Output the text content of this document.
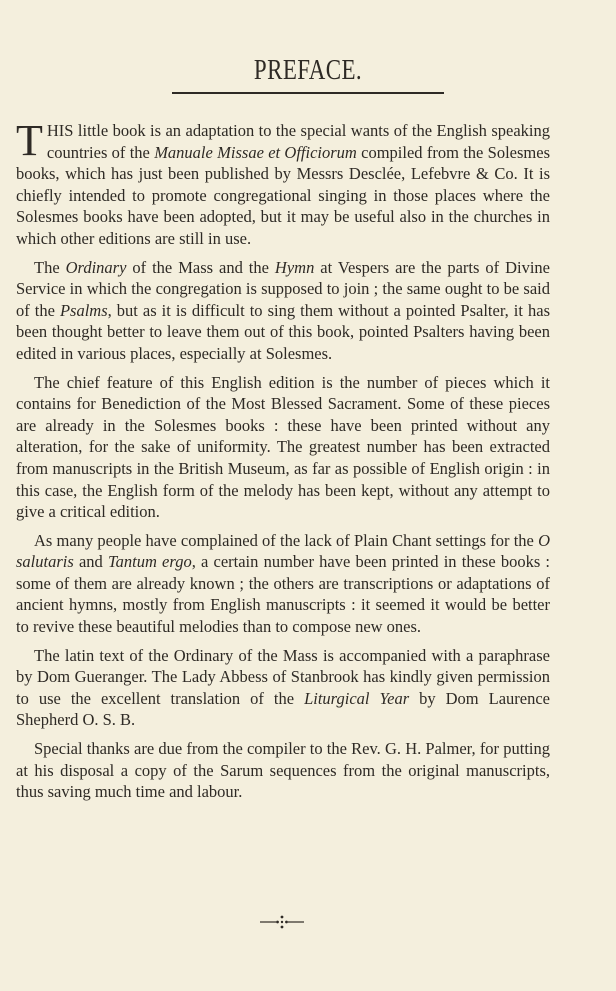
PREFACE.

THIS little book is an adaptation to the special wants of the English speaking countries of the Manuale Missae et Officiorum compiled from the Solesmes books, which has just been published by Messrs Desclée, Lefebvre & Co. It is chiefly intended to promote congregational singing in those places where the Solesmes books have been adopted, but it may be useful also in the churches in which other editions are still in use.

The Ordinary of the Mass and the Hymn at Vespers are the parts of Divine Service in which the congregation is supposed to join ; the same ought to be said of the Psalms, but as it is difficult to sing them without a pointed Psalter, it has been thought better to leave them out of this book, pointed Psalters having been edited in various places, especially at Solesmes.

The chief feature of this English edition is the number of pieces which it contains for Benediction of the Most Blessed Sacrament. Some of these pieces are already in the Solesmes books : these have been printed without any alteration, for the sake of uniformity. The greatest number has been extracted from manuscripts in the British Museum, as far as possible of English origin : in this case, the English form of the melody has been kept, without any attempt to give a critical edition.

As many people have complained of the lack of Plain Chant settings for the O salutaris and Tantum ergo, a certain number have been printed in these books : some of them are already known ; the others are transcriptions or adaptations of ancient hymns, mostly from English manuscripts : it seemed it would be better to revive these beautiful melodies than to compose new ones.

The latin text of the Ordinary of the Mass is accompanied with a paraphrase by Dom Gueranger. The Lady Abbess of Stanbrook has kindly given permission to use the excellent translation of the Liturgical Year by Dom Laurence Shepherd O. S. B.

Special thanks are due from the compiler to the Rev. G. H. Palmer, for putting at his disposal a copy of the Sarum sequences from the original manuscripts, thus saving much time and labour.
